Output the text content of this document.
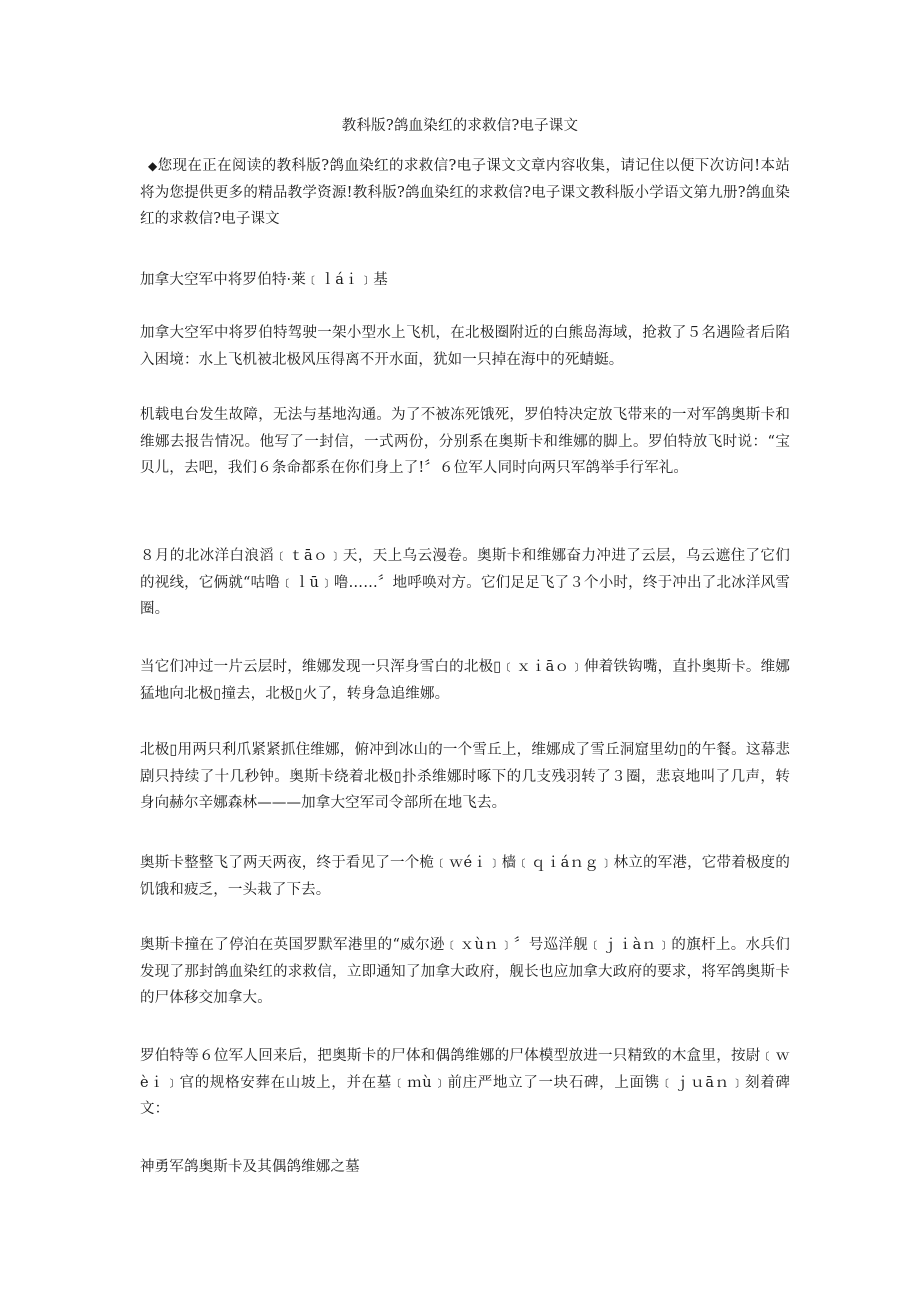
教科版?鸽血染红的求救信?电子课文

◆您现在正在阅读的教科版?鸽血染红的求救信?电子课文文章内容收集，请记住以便下次访问!本站将为您提供更多的精品教学资源!教科版?鸽血染红的求救信?电子课文教科版小学语文第九册?鸽血染红的求救信?电子课文

加拿大空军中将罗伯特·莱﹝ｌáｉ﹞基

加拿大空军中将罗伯特驾驶一架小型水上飞机，在北极圈附近的白熊岛海域，抢救了５名遇险者后陷入困境：水上飞机被北极风压得离不开水面，犹如一只掉在海中的死蜻蜓。

机载电台发生故障，无法与基地沟通。为了不被冻死饿死，罗伯特决定放飞带来的一对军鸽奥斯卡和维娜去报告情况。他写了一封信，一式两份，分别系在奥斯卡和维娜的脚上。罗伯特放飞时说：“宝贝儿，去吧，我们６条命都系在你们身上了!〞６位军人同时向两只军鸽举手行军礼。

８月的北冰洋白浪滔﹝ｔāｏ﹞天，天上乌云漫卷。奥斯卡和维娜奋力冲进了云层，乌云遮住了它们的视线，它俩就“咕噜﹝ｌū﹞噜……〞地呼唤对方。它们足足飞了３个小时，终于冲出了北冰洋风雪圈。

当它们冲过一片云层时，维娜发现一只浑身雪白的北极▯﹝ｘｉāｏ﹞伸着铁钩嘴，直扑奥斯卡。维娜猛地向北极▯撞去，北极▯火了，转身急追维娜。

北极▯用两只利爪紧紧抓住维娜，俯冲到冰山的一个雪丘上，维娜成了雪丘洞窟里幼▯的午餐。这幕悲剧只持续了十几秒钟。奥斯卡绕着北极▯扑杀维娜时啄下的几支残羽转了３圈，悲哀地叫了几声，转身向赫尔辛娜森林———加拿大空军司令部所在地飞去。

奥斯卡整整飞了两天两夜，终于看见了一个桅﹝ｗéｉ﹞樯﹝ｑｉáｎｇ﹞林立的军港，它带着极度的饥饿和疲乏，一头栽了下去。

奥斯卡撞在了停泊在英国罗默军港里的“威尔逊﹝ｘùｎ﹞〞号巡洋舰﹝ｊｉàｎ﹞的旗杆上。水兵们发现了那封鸽血染红的求救信，立即通知了加拿大政府，舰长也应加拿大政府的要求，将军鸽奥斯卡的尸体移交加拿大。

罗伯特等６位军人回来后，把奥斯卡的尸体和偶鸽维娜的尸体模型放进一只精致的木盒里，按尉﹝ｗèｉ﹞官的规格安葬在山坡上，并在墓﹝ｍù﹞前庄严地立了一块石碑，上面镌﹝ｊｕāｎ﹞刻着碑文：

神勇军鸽奥斯卡及其偶鸽维娜之墓
